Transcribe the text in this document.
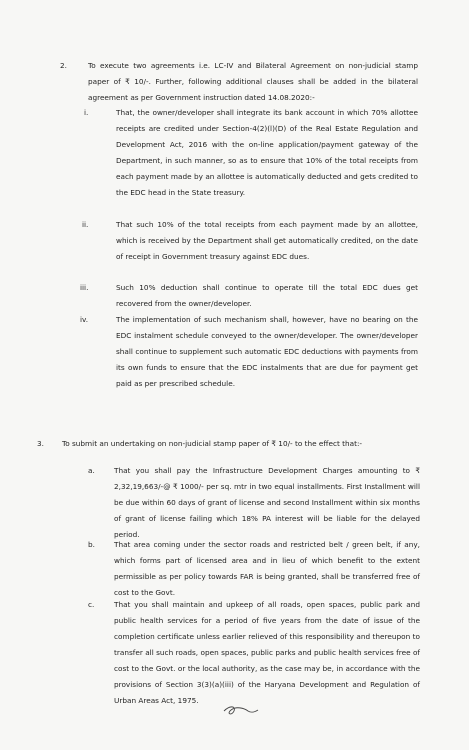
2.	To execute two agreements i.e. LC-IV and Bilateral Agreement on non-judicial stamp paper of ₹ 10/-. Further, following additional clauses shall be added in the bilateral agreement as per Government instruction dated 14.08.2020:-
i.	That, the owner/developer shall integrate its bank account in which 70% allottee receipts are credited under Section-4(2)(l)(D) of the Real Estate Regulation and Development Act, 2016 with the on-line application/payment gateway of the Department, in such manner, so as to ensure that 10% of the total receipts from each payment made by an allottee is automatically deducted and gets credited to the EDC head in the State treasury.
ii.	That such 10% of the total receipts from each payment made by an allottee, which is received by the Department shall get automatically credited, on the date of receipt in Government treasury against EDC dues.
iii.	Such 10% deduction shall continue to operate till the total EDC dues get recovered from the owner/developer.
iv.	The implementation of such mechanism shall, however, have no bearing on the EDC instalment schedule conveyed to the owner/developer. The owner/developer shall continue to supplement such automatic EDC deductions with payments from its own funds to ensure that the EDC instalments that are due for payment get paid as per prescribed schedule.
3. To submit an undertaking on non-judicial stamp paper of ₹ 10/- to the effect that:-
a.	That you shall pay the Infrastructure Development Charges amounting to ₹ 2,32,19,663/-@ ₹ 1000/- per sq. mtr in two equal installments. First Installment will be due within 60 days of grant of license and second Installment within six months of grant of license failing which 18% PA interest will be liable for the delayed period.
b.	That area coming under the sector roads and restricted belt / green belt, if any, which forms part of licensed area and in lieu of which benefit to the extent permissible as per policy towards FAR is being granted, shall be transferred free of cost to the Govt.
c.	That you shall maintain and upkeep of all roads, open spaces, public park and public health services for a period of five years from the date of issue of the completion certificate unless earlier relieved of this responsibility and thereupon to transfer all such roads, open spaces, public parks and public health services free of cost to the Govt. or the local authority, as the case may be, in accordance with the provisions of Section 3(3)(a)(iii) of the Haryana Development and Regulation of Urban Areas Act, 1975.
